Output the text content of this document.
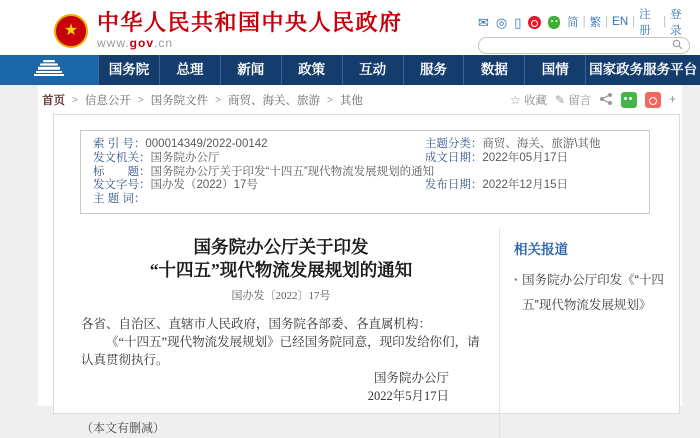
★ 中华人民共和国中央人民政府
www.gov.cn
✉ ◎ ▯	简 | 繁 | EN |
注册
|
登录
国务院	总理	新闻	政策	互动	服务	数据	国情	国家政务服务平台
首页 > 信息公开 > 国务院文件 > 商贸、海关、旅游 > 其他	☆ 收藏 ✎ 留言	+
索 引 号： 000014349/2022-00142	主题分类： 商贸、海关、旅游\其他
发文机关： 国务院办公厅	成文日期： 2022年05月17日
标　　题： 国务院办公厅关于印发“十四五”现代物流发展规划的通知
发文字号： 国办发（2022）17号	发布日期： 2022年12月15日
主 题 词：
国务院办公厅关于印发
“十四五”现代物流发展规划的通知
国办发〔2022〕17号

各省、自治区、直辖市人民政府，国务院各部委、各直属机构：

《“十四五”现代物流发展规划》已经国务院同意，现印发给你们，请认真贯彻执行。

国务院办公厅
2022年5月17日
（本文有删减）
相关报道
· 国务院办公厅印发《“十四五”现代物流发展规划》
